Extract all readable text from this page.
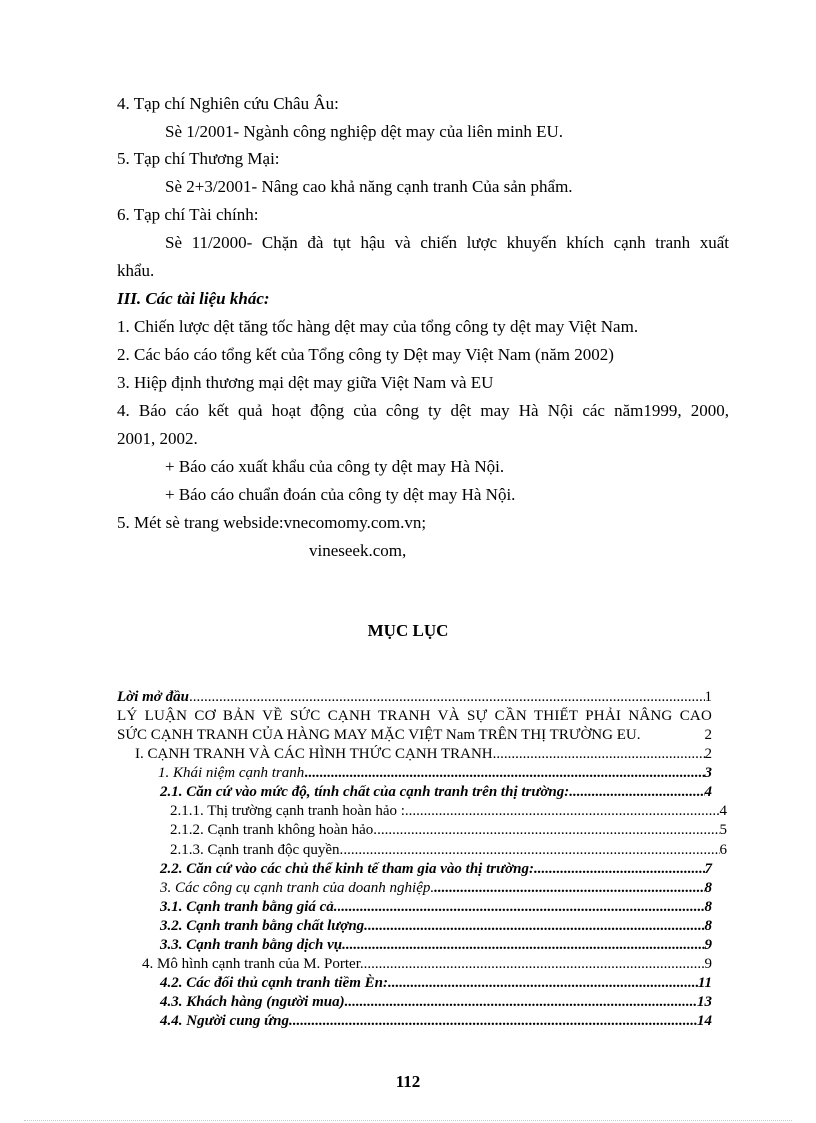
4. Tạp chí Nghiên cứu Châu Âu:
Sè 1/2001- Ngành công nghiệp dệt may của liên minh EU.
5. Tạp chí Thương Mại:
Sè 2+3/2001- Nâng cao khả năng cạnh tranh Của sản phẩm.
6. Tạp chí Tài chính:
Sè 11/2000- Chặn đà tụt hậu và chiến lược khuyến khích cạnh tranh xuất
khẩu.
III. Các tài liệu khác:
1. Chiến lược dệt tăng tốc hàng dệt may của tổng công ty dệt may Việt Nam.
2. Các báo cáo tổng kết của Tổng công ty Dệt may Việt Nam (năm 2002)
3. Hiệp định thương mại dệt may giữa Việt Nam và EU
4. Báo cáo kết quả hoạt động của công ty dệt may Hà Nội các năm1999, 2000,
2001, 2002.
+ Báo cáo xuất khẩu của công ty dệt may Hà Nội.
+ Báo cáo chuẩn đoán của công ty dệt may Hà Nội.
5. Mét sè trang webside:vnecomomy.com.vn;
vineseek.com,
MỤC LỤC
Lời mở đầu .....	1
LÝ LUẬN CƠ BẢN VỀ SỨC CẠNH TRANH VÀ SỰ CẦN THIẾT PHẢI NÂNG CAO
SỨC CẠNH TRANH CỦA HÀNG MAY MẶC VIỆT Nam TRÊN THỊ TRƯỜNG EU.	2
I. CẠNH TRANH VÀ CÁC HÌNH THỨC CẠNH TRANH. .....	2
1. Khái niệm cạnh tranh .....	3
2.1. Căn cứ vào mức độ, tính chất của cạnh tranh trên thị trường: .....	4
2.1.1. Thị trường cạnh tranh hoàn hảo : .....	4
2.1.2. Cạnh tranh không hoàn hảo. .....	5
2.1.3. Cạnh tranh độc quyền. .....	6
2.2. Căn cứ vào các chủ thể kinh tế tham gia vào thị trường: .....	7
3. Các công cụ cạnh tranh của doanh nghiệp. .....	8
3.1. Cạnh tranh bằng giá cả. .....	8
3.2. Cạnh tranh bằng chất lượng. .....	8
3.3. Cạnh tranh bằng dịch vụ. .....	9
4. Mô hình cạnh tranh của M. Porter. .....	9
4.2. Các đối thủ cạnh tranh tiềm Èn: .....	11
4.3. Khách hàng (người mua). .....	13
4.4. Người cung ứng. .....	14
112
